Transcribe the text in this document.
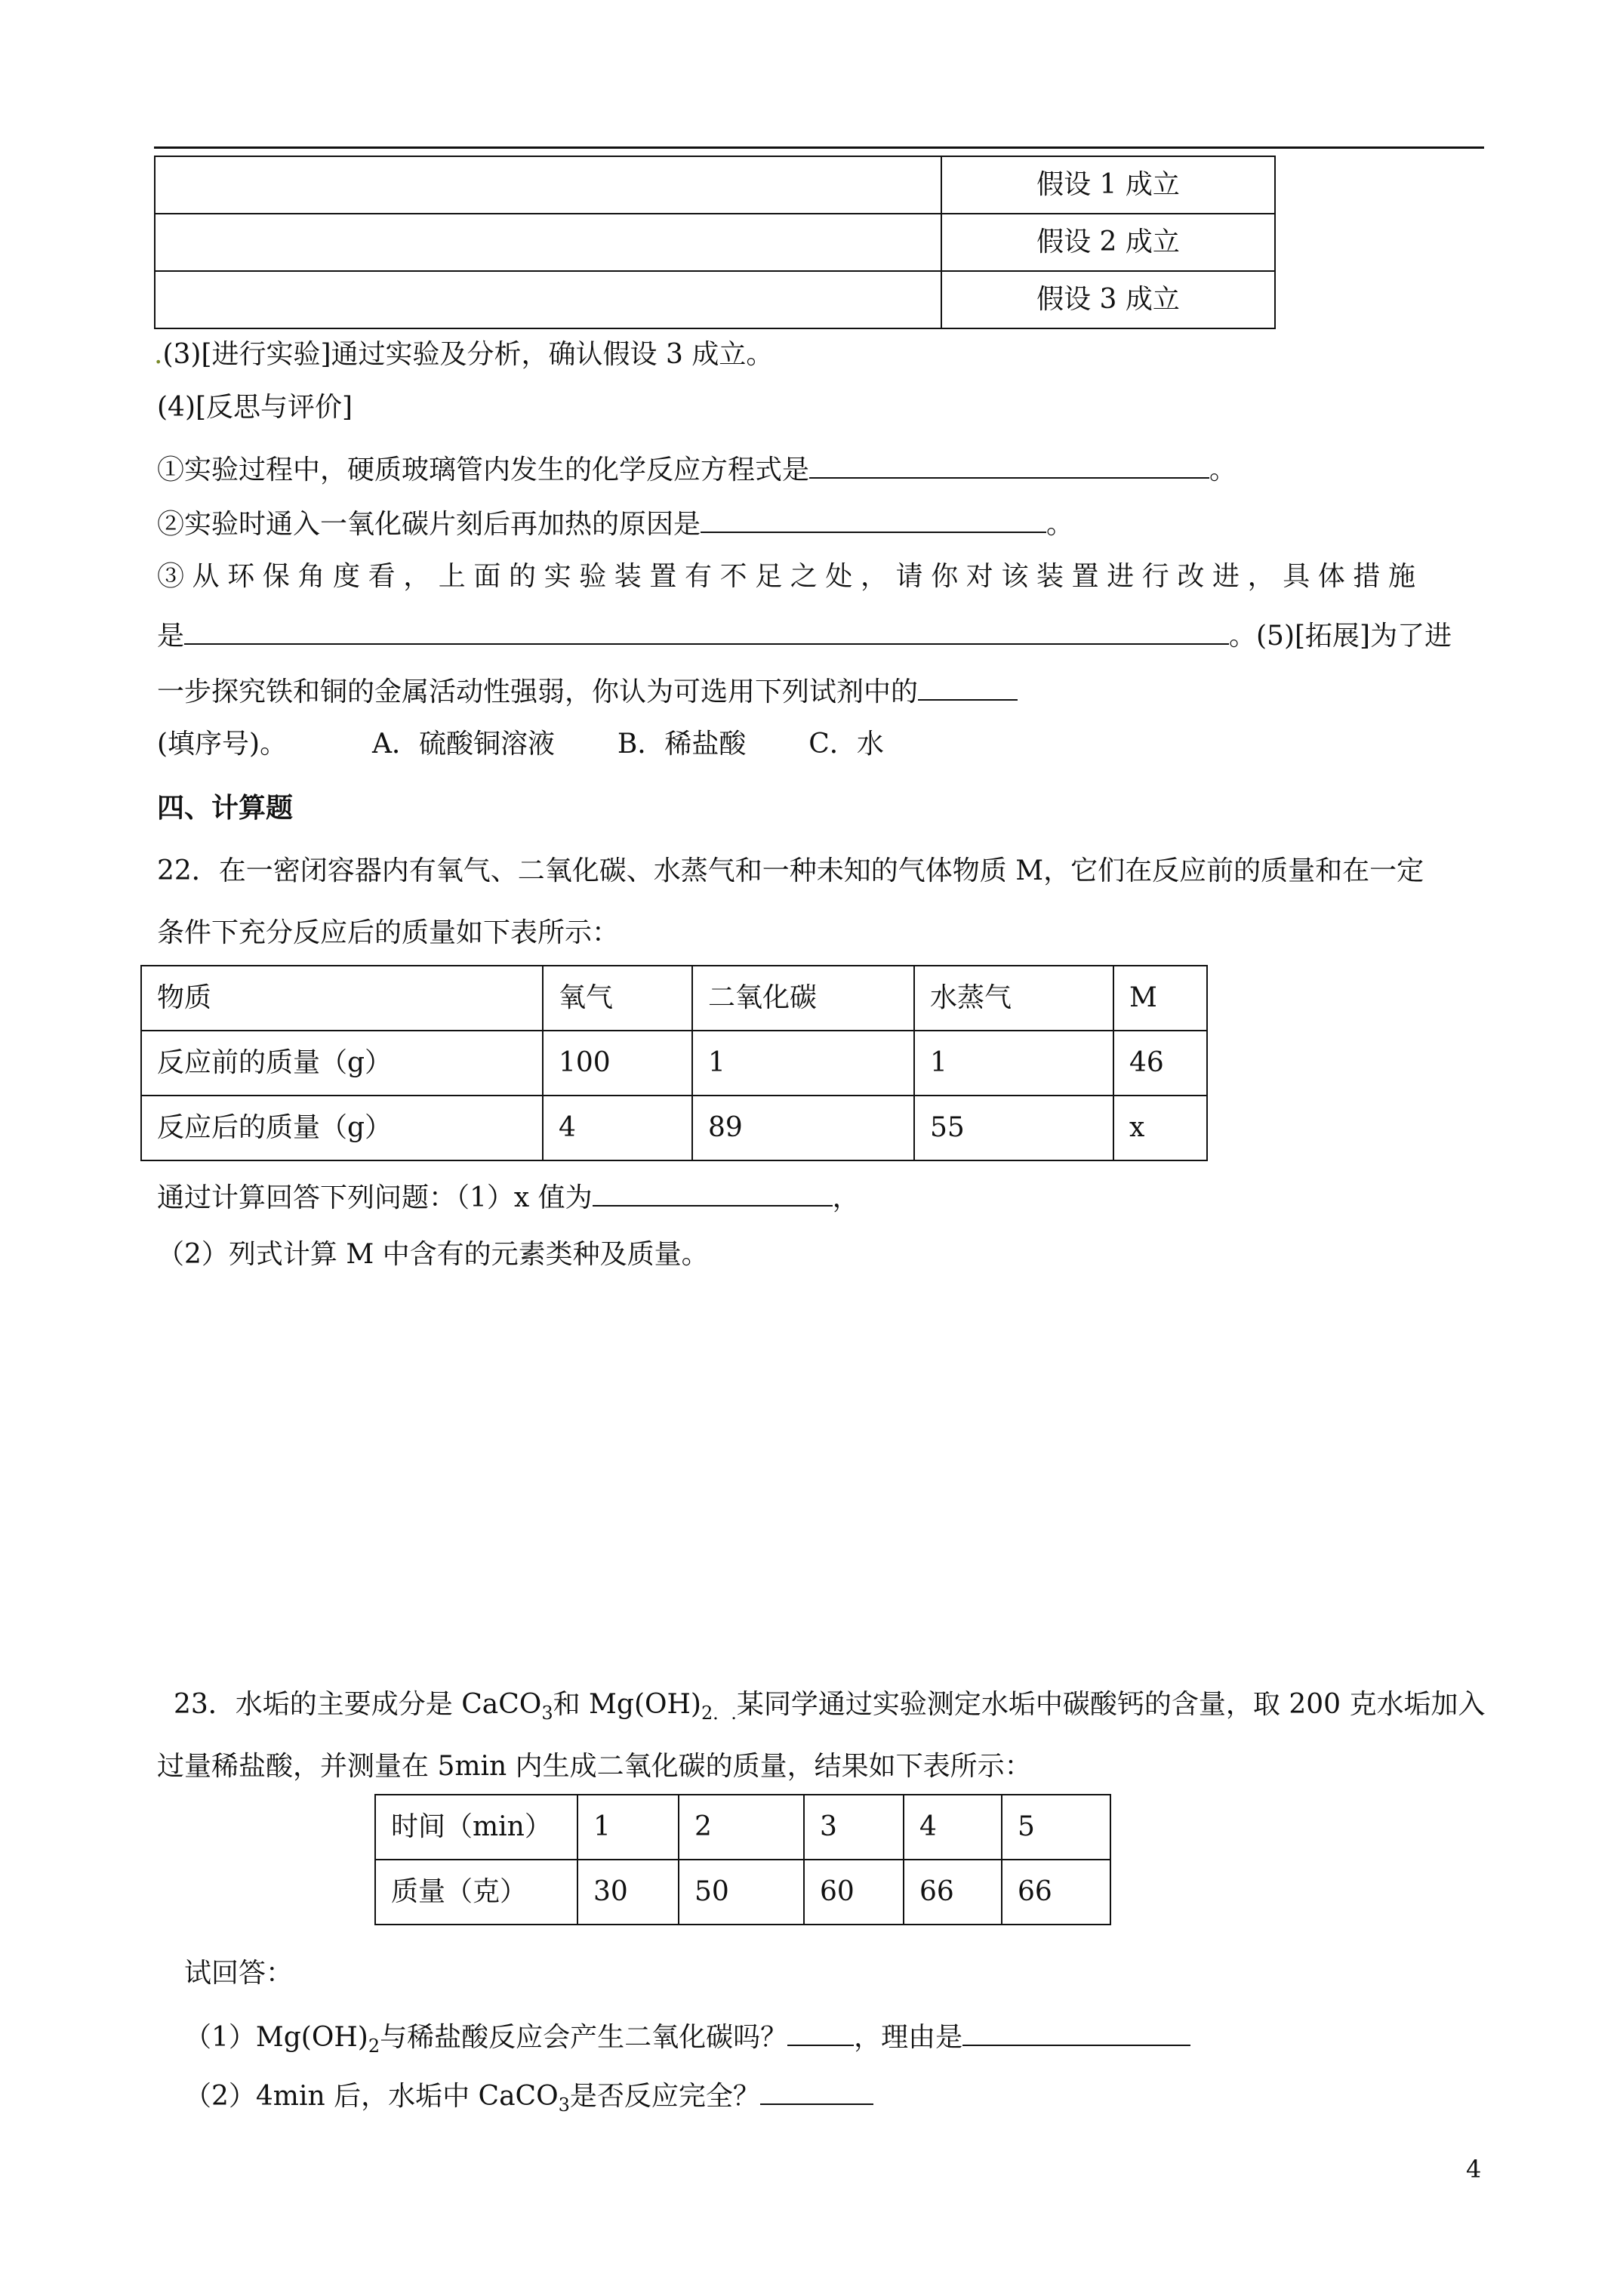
	假设 1 成立
	假设 2 成立
	假设 3 成立
.(3)[进行实验]通过实验及分析，确认假设 3 成立。
(4)[反思与评价]
①实验过程中，硬质玻璃管内发生的化学反应方程式是	。
②实验时通入一氧化碳片刻后再加热的原因是	。
③从环保角度看，上面的实验装置有不足之处，请你对该装置进行改进，具体措施
是	。(5)[拓展]为了进
一步探究铁和铜的金属活动性强弱，你认为可选用下列试剂中的
(填序号)。	A．硫酸铜溶液 B．稀盐酸 C．水
四、计算题
22．在一密闭容器内有氧气、二氧化碳、水蒸气和一种未知的气体物质 M，它们在反应前的质量和在一定
条件下充分反应后的质量如下表所示：
物质	氧气	二氧化碳	水蒸气	M
反应前的质量（g）	100	1	1	46
反应后的质量（g）	4	89	55	x
通过计算回答下列问题：（1）x 值为	，
（2）列式计算 M 中含有的元素类种及质量。
23．水垢的主要成分是 CaCO$_3$和 $Mg(OH)_{2..}$某同学通过实验测定水垢中碳酸钙的含量，取 200 克水垢加入
过量稀盐酸，并测量在 5min 内生成二氧化碳的质量，结果如下表所示：
时间（min）	1	2	3	4	5
质量（克）	30	50	60	66	66
试回答：
$(1)Mg(OH)_2$与稀盐酸反应会产生二氧化碳吗？ ，理由是
（2）4min 后，水垢中 CaCO$_3$是否反应完全？
4
